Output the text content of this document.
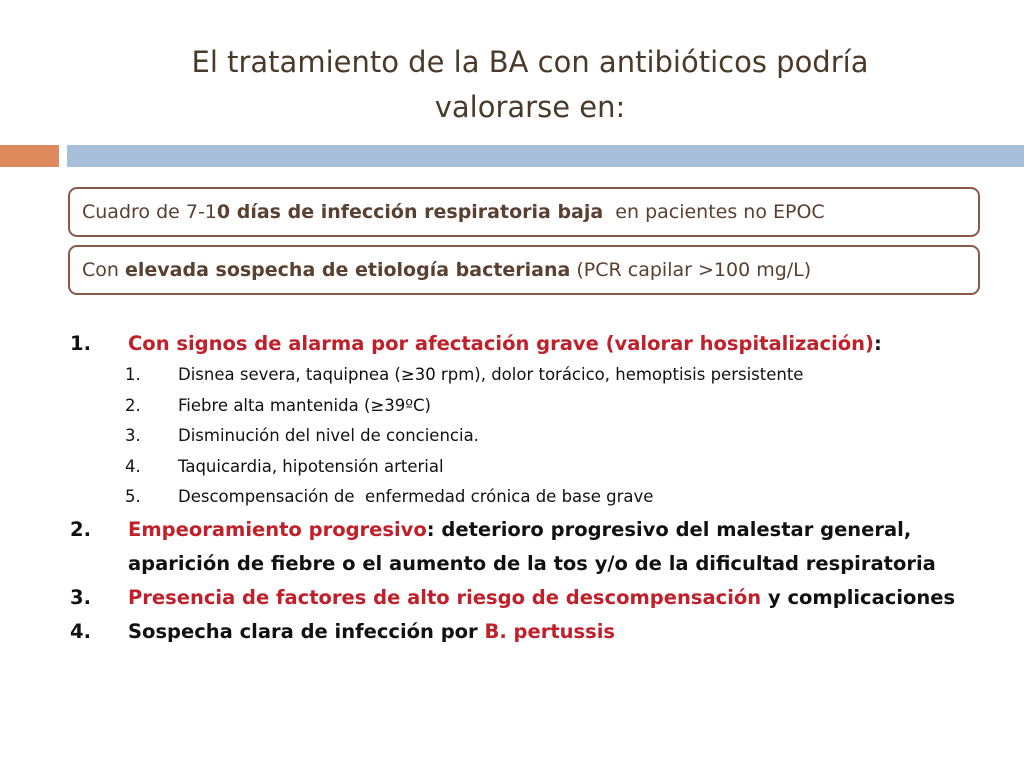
El tratamiento de la BA con antibióticos podría
valorarse en:
Cuadro de 7-1 0 días de infección respiratoria baja en pacientes no EPOC
Con elevada sospecha de etiología bacteriana (PCR capilar >100 mg/L)
1.	Con signos de alarma por afectación grave (valorar hospitalización):
1. Disnea severa, taquipnea (≥30 rpm), dolor torácico, hemoptisis persistente
2. Fiebre alta mantenida (≥39ºC)
3. Disminución del nivel de conciencia.
4. Taquicardia, hipotensión arterial
5. Descompensación de  enfermedad crónica de base grave
2.	Empeoramiento progresivo: deterioro progresivo del malestar general, aparición de fiebre o el aumento de la tos y/o de la dificultad respiratoria
3.	Presencia de factores de alto riesgo de descompensación y complicaciones
4.	Sospecha clara de infección por B. pertussis
